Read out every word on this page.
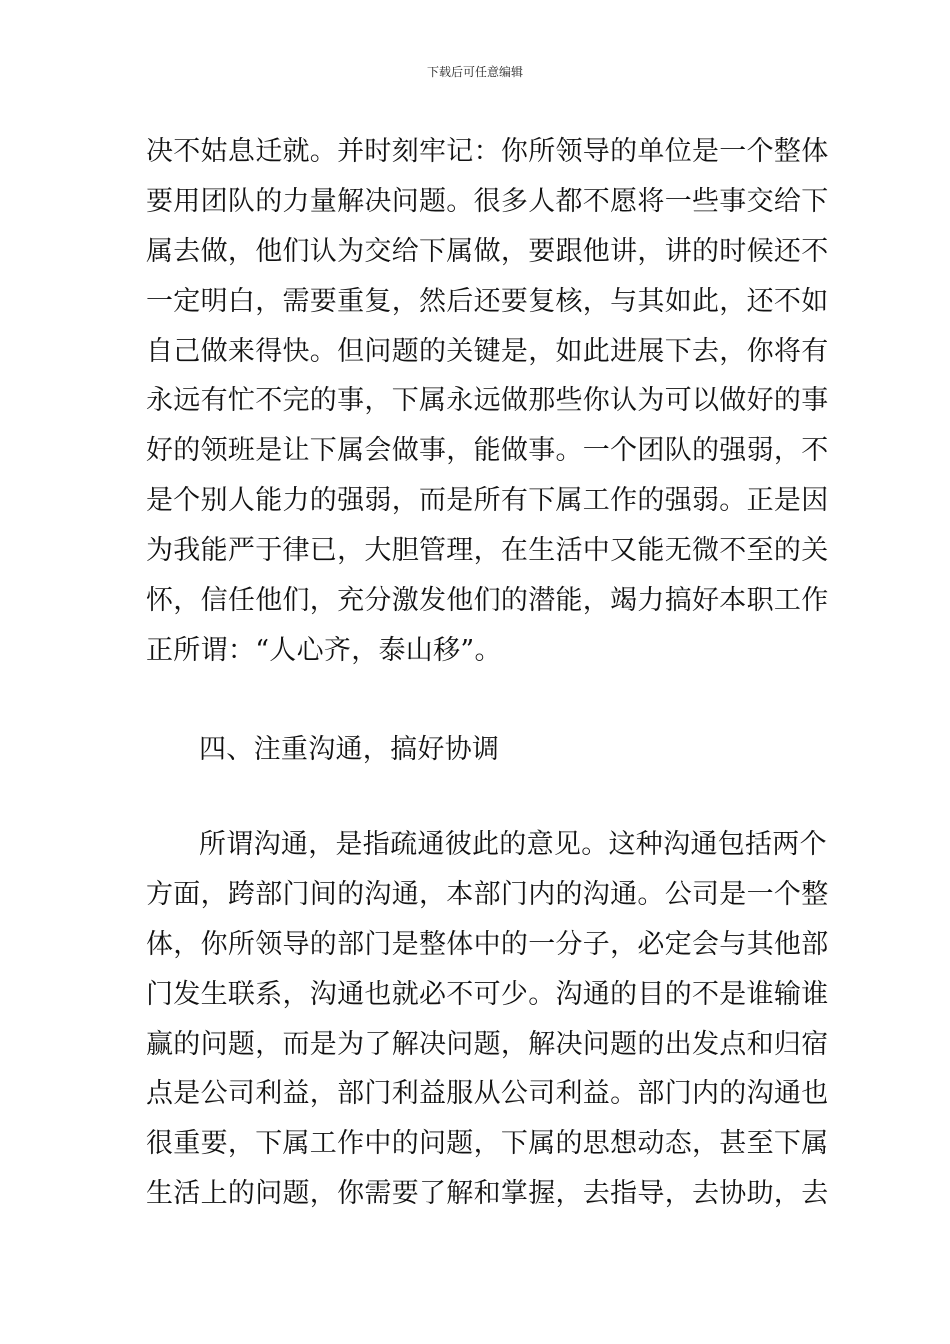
下载后可任意编辑
决不姑息迁就。并时刻牢记：你所领导的单位是一个整体
要用团队的力量解决问题。很多人都不愿将一些事交给下
属去做，他们认为交给下属做，要跟他讲，讲的时候还不
一定明白，需要重复，然后还要复核，与其如此，还不如
自己做来得快。但问题的关键是，如此进展下去，你将有
永远有忙不完的事，下属永远做那些你认为可以做好的事
好的领班是让下属会做事，能做事。一个团队的强弱，不
是个别人能力的强弱，而是所有下属工作的强弱。正是因
为我能严于律已，大胆管理，在生活中又能无微不至的关
怀，信任他们，充分激发他们的潜能，竭力搞好本职工作
正所谓：“人心齐，泰山移”。
四、注重沟通，搞好协调
所谓沟通，是指疏通彼此的意见。这种沟通包括两个
方面，跨部门间的沟通，本部门内的沟通。公司是一个整
体，你所领导的部门是整体中的一分子，必定会与其他部
门发生联系，沟通也就必不可少。沟通的目的不是谁输谁
赢的问题，而是为了解决问题，解决问题的出发点和归宿
点是公司利益，部门利益服从公司利益。部门内的沟通也
很重要，下属工作中的问题，下属的思想动态，甚至下属
生活上的问题，你需要了解和掌握，去指导，去协助，去
